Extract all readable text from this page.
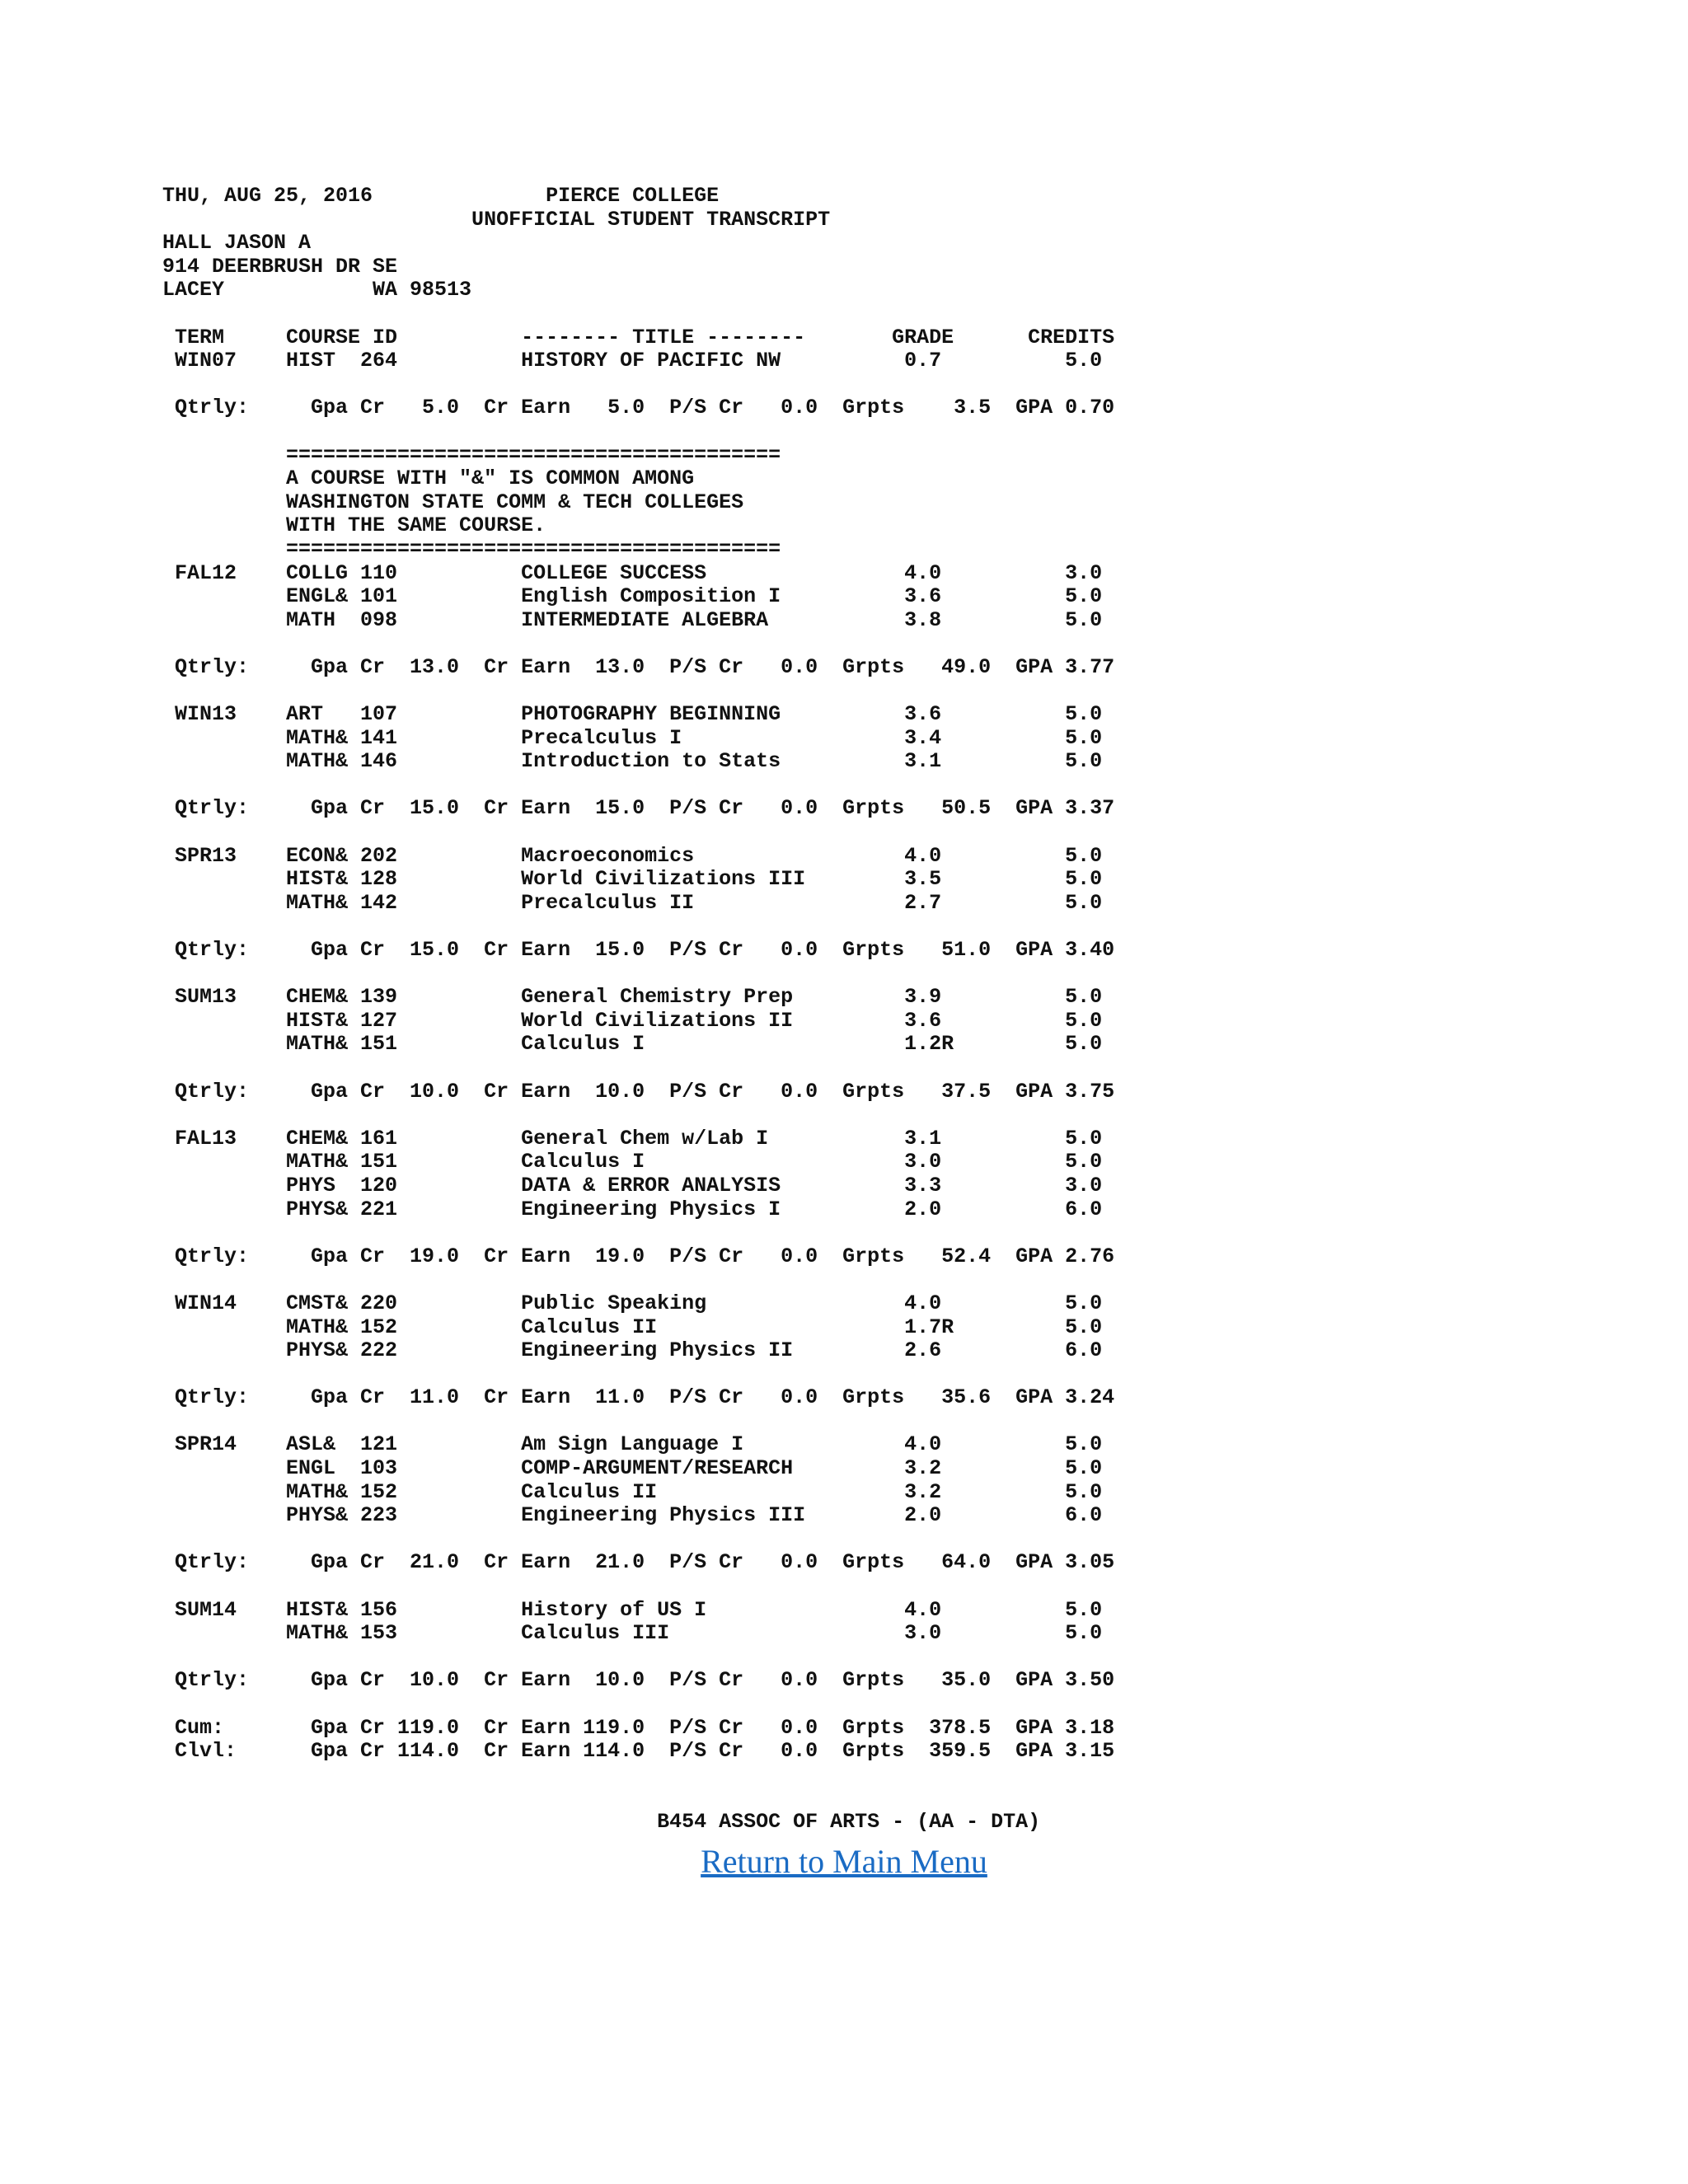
THU, AUG 25, 2016              PIERCE COLLEGE
UNOFFICIAL STUDENT TRANSCRIPT
HALL JASON A
914 DEERBRUSH DR SE
LACEY            WA 98513
TERM     COURSE ID          -------- TITLE --------       GRADE      CREDITS
WIN07    HIST  264          HISTORY OF PACIFIC NW          0.7          5.0
Qtrly:     Gpa Cr   5.0  Cr Earn   5.0  P/S Cr   0.0  Grpts    3.5  GPA 0.70
========================================
A COURSE WITH "&" IS COMMON AMONG
WASHINGTON STATE COMM & TECH COLLEGES
WITH THE SAME COURSE.
========================================
FAL12    COLLG 110          COLLEGE SUCCESS                4.0          3.0
ENGL& 101          English Composition I          3.6          5.0
MATH  098          INTERMEDIATE ALGEBRA           3.8          5.0
Qtrly:     Gpa Cr  13.0  Cr Earn  13.0  P/S Cr   0.0  Grpts   49.0  GPA 3.77
WIN13    ART   107          PHOTOGRAPHY BEGINNING          3.6          5.0
MATH& 141          Precalculus I                  3.4          5.0
MATH& 146          Introduction to Stats          3.1          5.0
Qtrly:     Gpa Cr  15.0  Cr Earn  15.0  P/S Cr   0.0  Grpts   50.5  GPA 3.37
SPR13    ECON& 202          Macroeconomics                 4.0          5.0
HIST& 128          World Civilizations III        3.5          5.0
MATH& 142          Precalculus II                 2.7          5.0
Qtrly:     Gpa Cr  15.0  Cr Earn  15.0  P/S Cr   0.0  Grpts   51.0  GPA 3.40
SUM13    CHEM& 139          General Chemistry Prep         3.9          5.0
HIST& 127          World Civilizations II         3.6          5.0
MATH& 151          Calculus I                     1.2R         5.0
Qtrly:     Gpa Cr  10.0  Cr Earn  10.0  P/S Cr   0.0  Grpts   37.5  GPA 3.75
FAL13    CHEM& 161          General Chem w/Lab I           3.1          5.0
MATH& 151          Calculus I                     3.0          5.0
PHYS  120          DATA & ERROR ANALYSIS          3.3          3.0
PHYS& 221          Engineering Physics I          2.0          6.0
Qtrly:     Gpa Cr  19.0  Cr Earn  19.0  P/S Cr   0.0  Grpts   52.4  GPA 2.76
WIN14    CMST& 220          Public Speaking                4.0          5.0
MATH& 152          Calculus II                    1.7R         5.0
PHYS& 222          Engineering Physics II         2.6          6.0
Qtrly:     Gpa Cr  11.0  Cr Earn  11.0  P/S Cr   0.0  Grpts   35.6  GPA 3.24
SPR14    ASL&  121          Am Sign Language I             4.0          5.0
ENGL  103          COMP-ARGUMENT/RESEARCH         3.2          5.0
MATH& 152          Calculus II                    3.2          5.0
PHYS& 223          Engineering Physics III        2.0          6.0
Qtrly:     Gpa Cr  21.0  Cr Earn  21.0  P/S Cr   0.0  Grpts   64.0  GPA 3.05
SUM14    HIST& 156          History of US I                4.0          5.0
MATH& 153          Calculus III                   3.0          5.0
Qtrly:     Gpa Cr  10.0  Cr Earn  10.0  P/S Cr   0.0  Grpts   35.0  GPA 3.50
Cum:       Gpa Cr 119.0  Cr Earn 119.0  P/S Cr   0.0  Grpts  378.5  GPA 3.18
Clvl:      Gpa Cr 114.0  Cr Earn 114.0  P/S Cr   0.0  Grpts  359.5  GPA 3.15
B454 ASSOC OF ARTS - (AA - DTA)
Return to Main Menu
